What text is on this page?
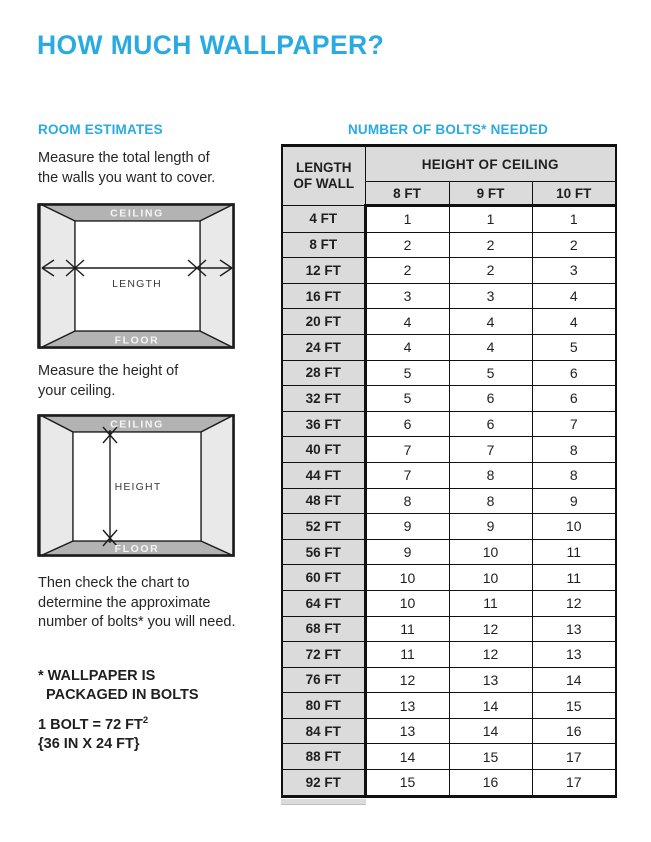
HOW MUCH WALLPAPER?
ROOM ESTIMATES	NUMBER OF BOLTS* NEEDED
Measure the total length of
the walls you want to cover.
CEILING
FLOOR
LENGTH
Measure the height of
your ceiling.
CEILING
FLOOR
HEIGHT
Then check the chart to
determine the approximate
number of bolts* you will need.
* WALLPAPER IS
PACKAGED IN BOLTS
1 BOLT = 72 $FT^2$
{36 IN X 24 FT}
LENGTH
OF WALL	HEIGHT OF CEILING		
	8 FT	9 FT	10 FT
4 FT	1	1	1
8 FT	2	2	2
12 FT	2	2	3
16 FT	3	3	4
20 FT	4	4	4
24 FT	4	4	5
28 FT	5	5	6
32 FT	5	6	6
36 FT	6	6	7
40 FT	7	7	8
44 FT	7	8	8
48 FT	8	8	9
52 FT	9	9	10
56 FT	9	10	11
60 FT	10	10	11
64 FT	10	11	12
68 FT	11	12	13
72 FT	11	12	13
76 FT	12	13	14
80 FT	13	14	15
84 FT	13	14	16
88 FT	14	15	17
92 FT	15	16	17
